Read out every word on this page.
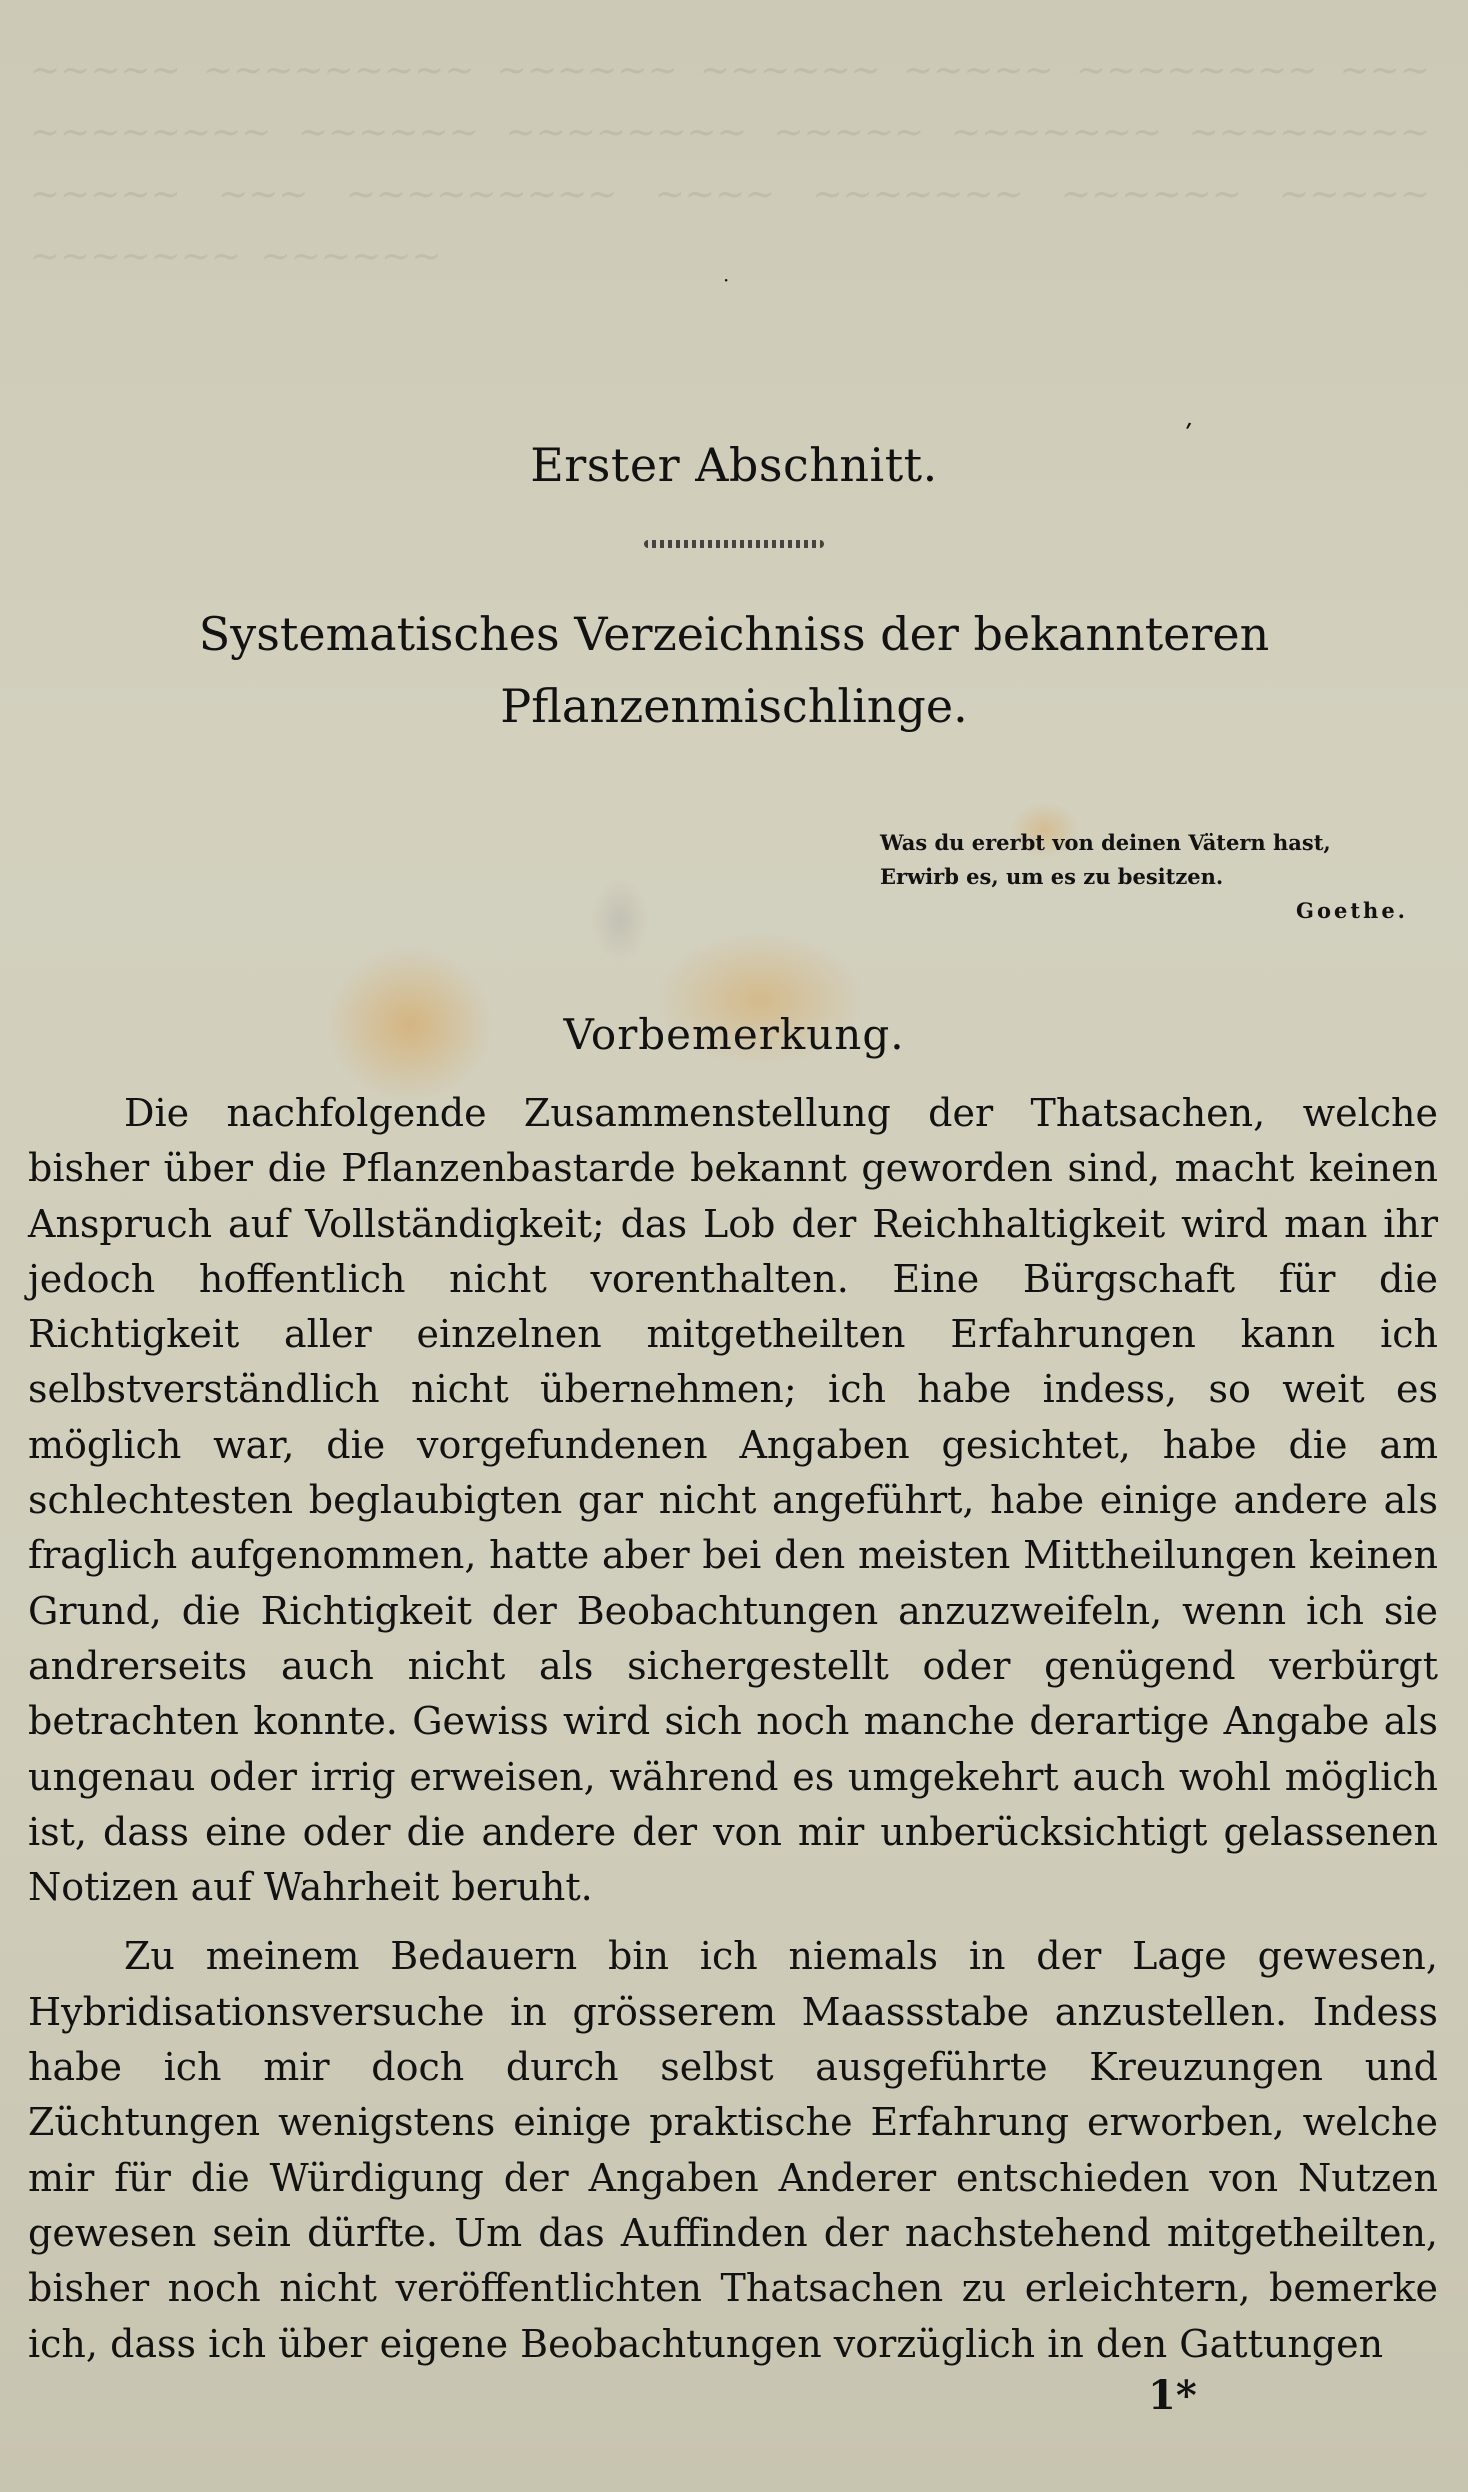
~~~~~ ~~~~~~~~~ ~~~~~~ ~~~~~~ ~~~~~ ~~~~~~~~ ~~~ ~~~~~~~~ ~~~~~~ ~~~~~~~~ ~~~~~ ~~~~~~~ ~~~~~~~~ ~~~~~ ~~~ ~~~~~~~~~ ~~~~ ~~~~~~~ ~~~~~~ ~~~~~ ~~~~~~~ ~~~~~~
·
ʹ
Erster Abschnitt.
Systematisches Verzeichniss der bekannteren Pflanzenmischlinge.
Was du ererbt von deinen Vätern hast,
Erwirb es, um es zu besitzen.
Goethe.
Vorbemerkung.

Die nachfolgende Zusammenstellung der Thatsachen, welche bisher über die Pflanzenbastarde bekannt geworden sind, macht keinen Anspruch auf Vollständigkeit; das Lob der Reichhaltigkeit wird man ihr jedoch hoffentlich nicht vorenthalten. Eine Bürgschaft für die Richtigkeit aller einzelnen mitgetheilten Erfahrungen kann ich selbstverständlich nicht übernehmen; ich habe indess, so weit es möglich war, die vorgefundenen Angaben gesichtet, habe die am schlechtesten beglaubigten gar nicht angeführt, habe einige andere als fraglich aufgenommen, hatte aber bei den meisten Mittheilungen keinen Grund, die Richtigkeit der Beobachtungen anzuzweifeln, wenn ich sie andrerseits auch nicht als sichergestellt oder genügend verbürgt betrachten konnte. Gewiss wird sich noch manche derartige Angabe als ungenau oder irrig erweisen, während es umgekehrt auch wohl möglich ist, dass eine oder die andere der von mir unberücksichtigt gelassenen Notizen auf Wahrheit beruht.

Zu meinem Bedauern bin ich niemals in der Lage gewesen, Hybridisationsversuche in grösserem Maassstabe anzustellen. Indess habe ich mir doch durch selbst ausgeführte Kreuzungen und Züchtungen wenigstens einige praktische Erfahrung erworben, welche mir für die Würdigung der Angaben Anderer entschieden von Nutzen gewesen sein dürfte. Um das Auffinden der nachstehend mitgetheilten, bisher noch nicht veröffentlichten Thatsachen zu erleichtern, bemerke ich, dass ich über eigene Beobachtungen vorzüglich in den Gattungen

1*
